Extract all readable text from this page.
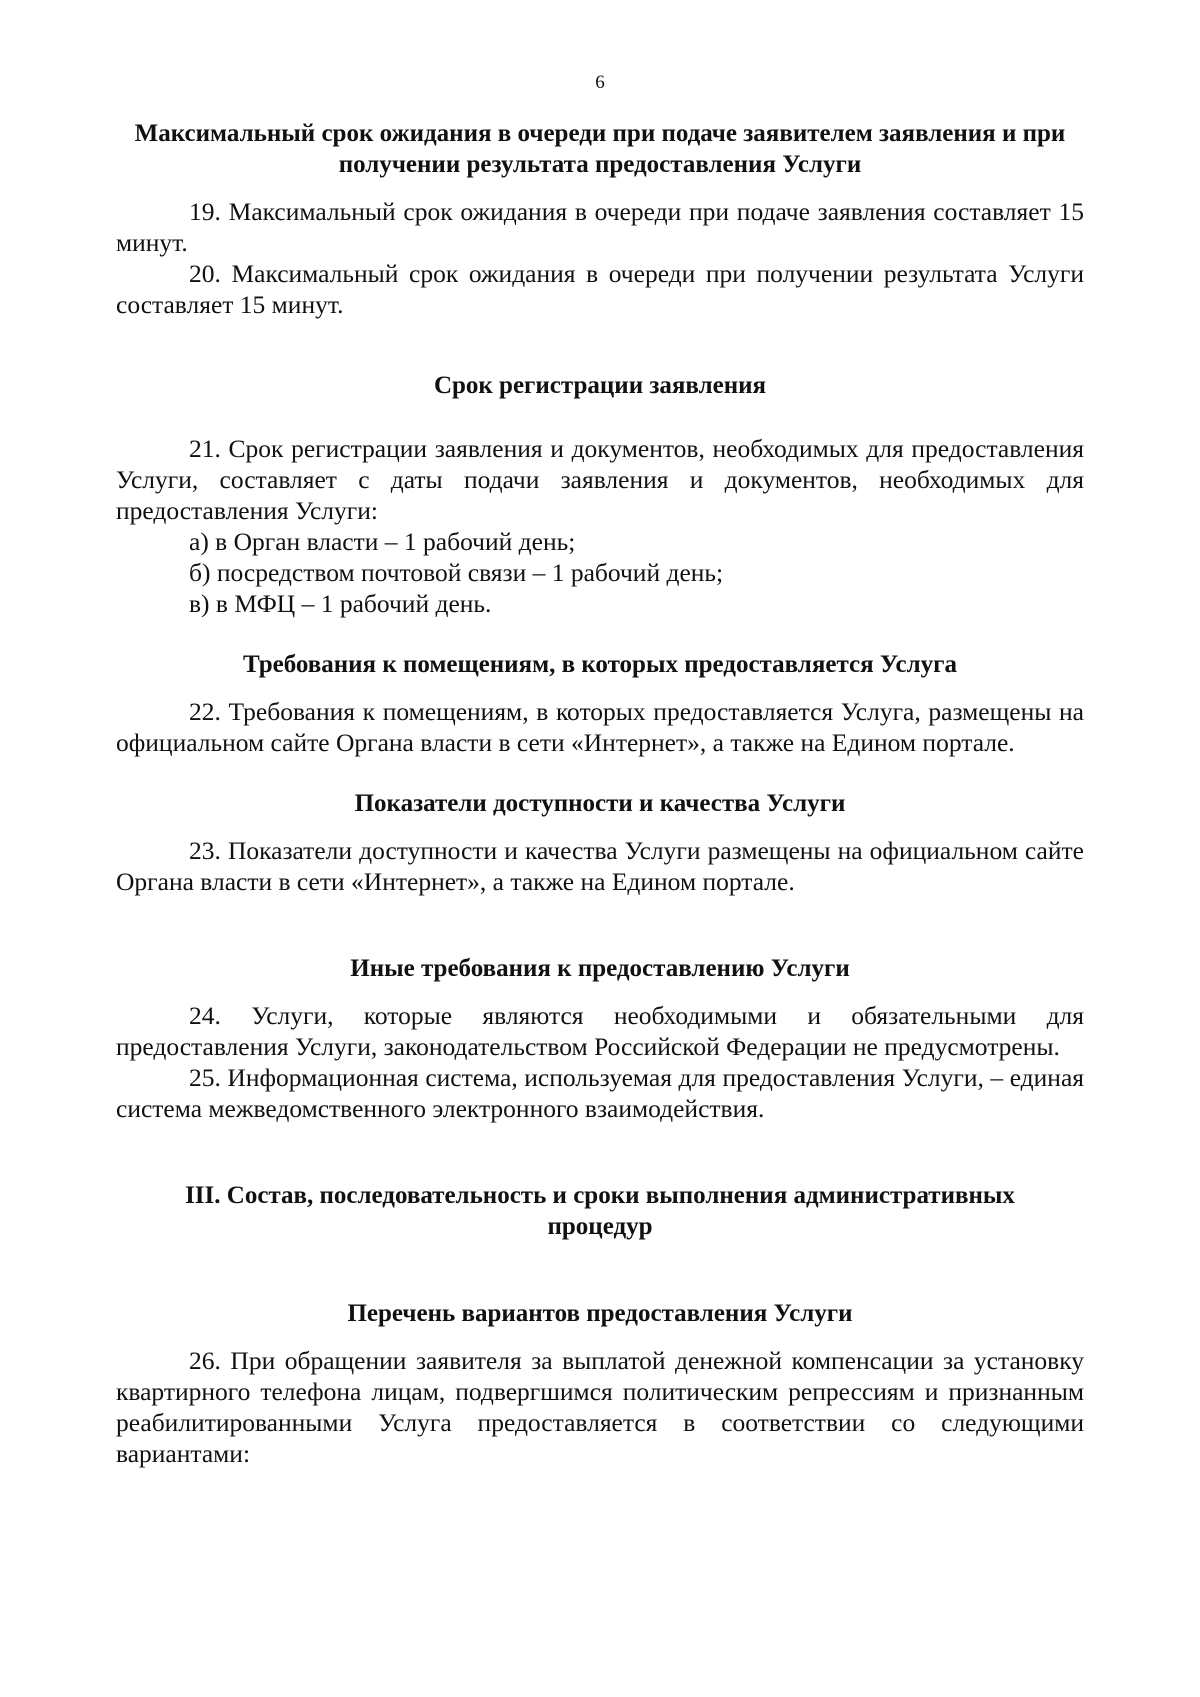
6

Максимальный срок ожидания в очереди при подаче заявителем заявления и при получении результата предоставления Услуги

19. Максимальный срок ожидания в очереди при подаче заявления составляет 15 минут.

20. Максимальный срок ожидания в очереди при получении результата Услуги составляет 15 минут.

Срок регистрации заявления

21. Срок регистрации заявления и документов, необходимых для предоставления Услуги, составляет с даты подачи заявления и документов, необходимых для предоставления Услуги:

а) в Орган власти – 1 рабочий день;

б) посредством почтовой связи – 1 рабочий день;

в) в МФЦ – 1 рабочий день.

Требования к помещениям, в которых предоставляется Услуга

22. Требования к помещениям, в которых предоставляется Услуга, размещены на официальном сайте Органа власти в сети «Интернет», а также на Едином портале.

Показатели доступности и качества Услуги

23. Показатели доступности и качества Услуги размещены на официальном сайте Органа власти в сети «Интернет», а также на Едином портале.

Иные требования к предоставлению Услуги

24. Услуги, которые являются необходимыми и обязательными для предоставления Услуги, законодательством Российской Федерации не предусмотрены.

25. Информационная система, используемая для предоставления Услуги, – единая система межведомственного электронного взаимодействия.

III. Состав, последовательность и сроки выполнения административных процедур

Перечень вариантов предоставления Услуги

26. При обращении заявителя за выплатой денежной компенсации за установку квартирного телефона лицам, подвергшимся политическим репрессиям и признанным реабилитированными Услуга предоставляется в соответствии со следующими вариантами:
